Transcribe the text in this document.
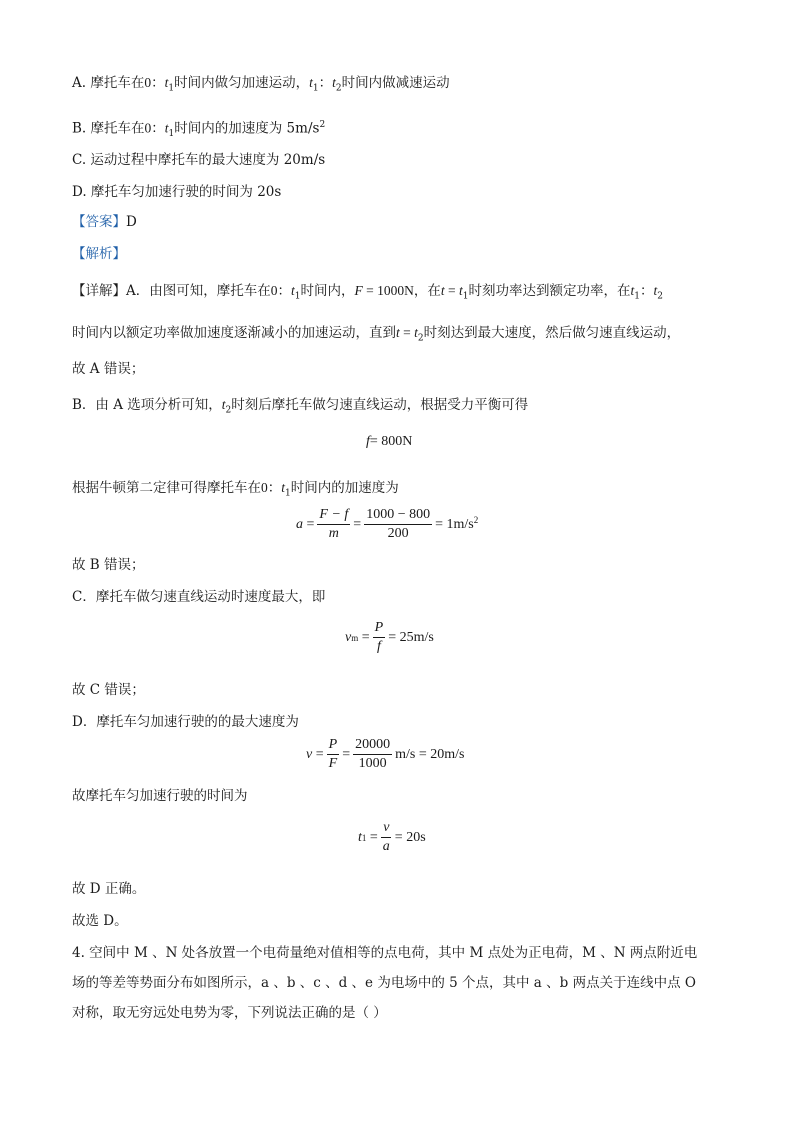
A. 摩托车在0：$t_1$时间内做匀加速运动，$t_1$：$t_2$时间内做减速运动
B. 摩托车在0：$t_1$时间内的加速度为 $5m/s^2$
C. 运动过程中摩托车的最大速度为 20m/s
D. 摩托车匀加速行驶的时间为 20s
【答案】D
【解析】
【详解】A．由图可知，摩托车在0：$t_1$时间内，F = 1000N，在$t = t_1$时刻功率达到额定功率，在$t_1$：$t_2$
时间内以额定功率做加速度逐渐减小的加速运动，直到$t = t_2$时刻达到最大速度，然后做匀速直线运动，
故 A 错误；
B．由 A 选项分析可知，$t_2$时刻后摩托车做匀速直线运动，根据受力平衡可得
f = 800N
根据牛顿第二定律可得摩托车在0：$t_1$时间内的加速度为
$a = \frac{F - f}{m} = \frac{1000 - 800}{200} = 1m/s^2$
故 B 错误；
C．摩托车做匀速直线运动时速度最大，即
v $m = \frac{P}{f} = 25m/s$
故 C 错误；
D．摩托车匀加速行驶的的最大速度为
$v = \frac{P}{F} = \frac{20000}{1000} m/s = 20m/s$
故摩托车匀加速行驶的时间为
t $1 = \frac{v}{a} = 20s$
故 D 正确。
故选 D。
4. 空间中 M 、N 处各放置一个电荷量绝对值相等的点电荷，其中 M 点处为正电荷，M 、N 两点附近电
场的等差等势面分布如图所示，a 、b 、c 、d 、e 为电场中的 5 个点，其中 a 、b 两点关于连线中点 O
对称，取无穷远处电势为零，下列说法正确的是（ ）
